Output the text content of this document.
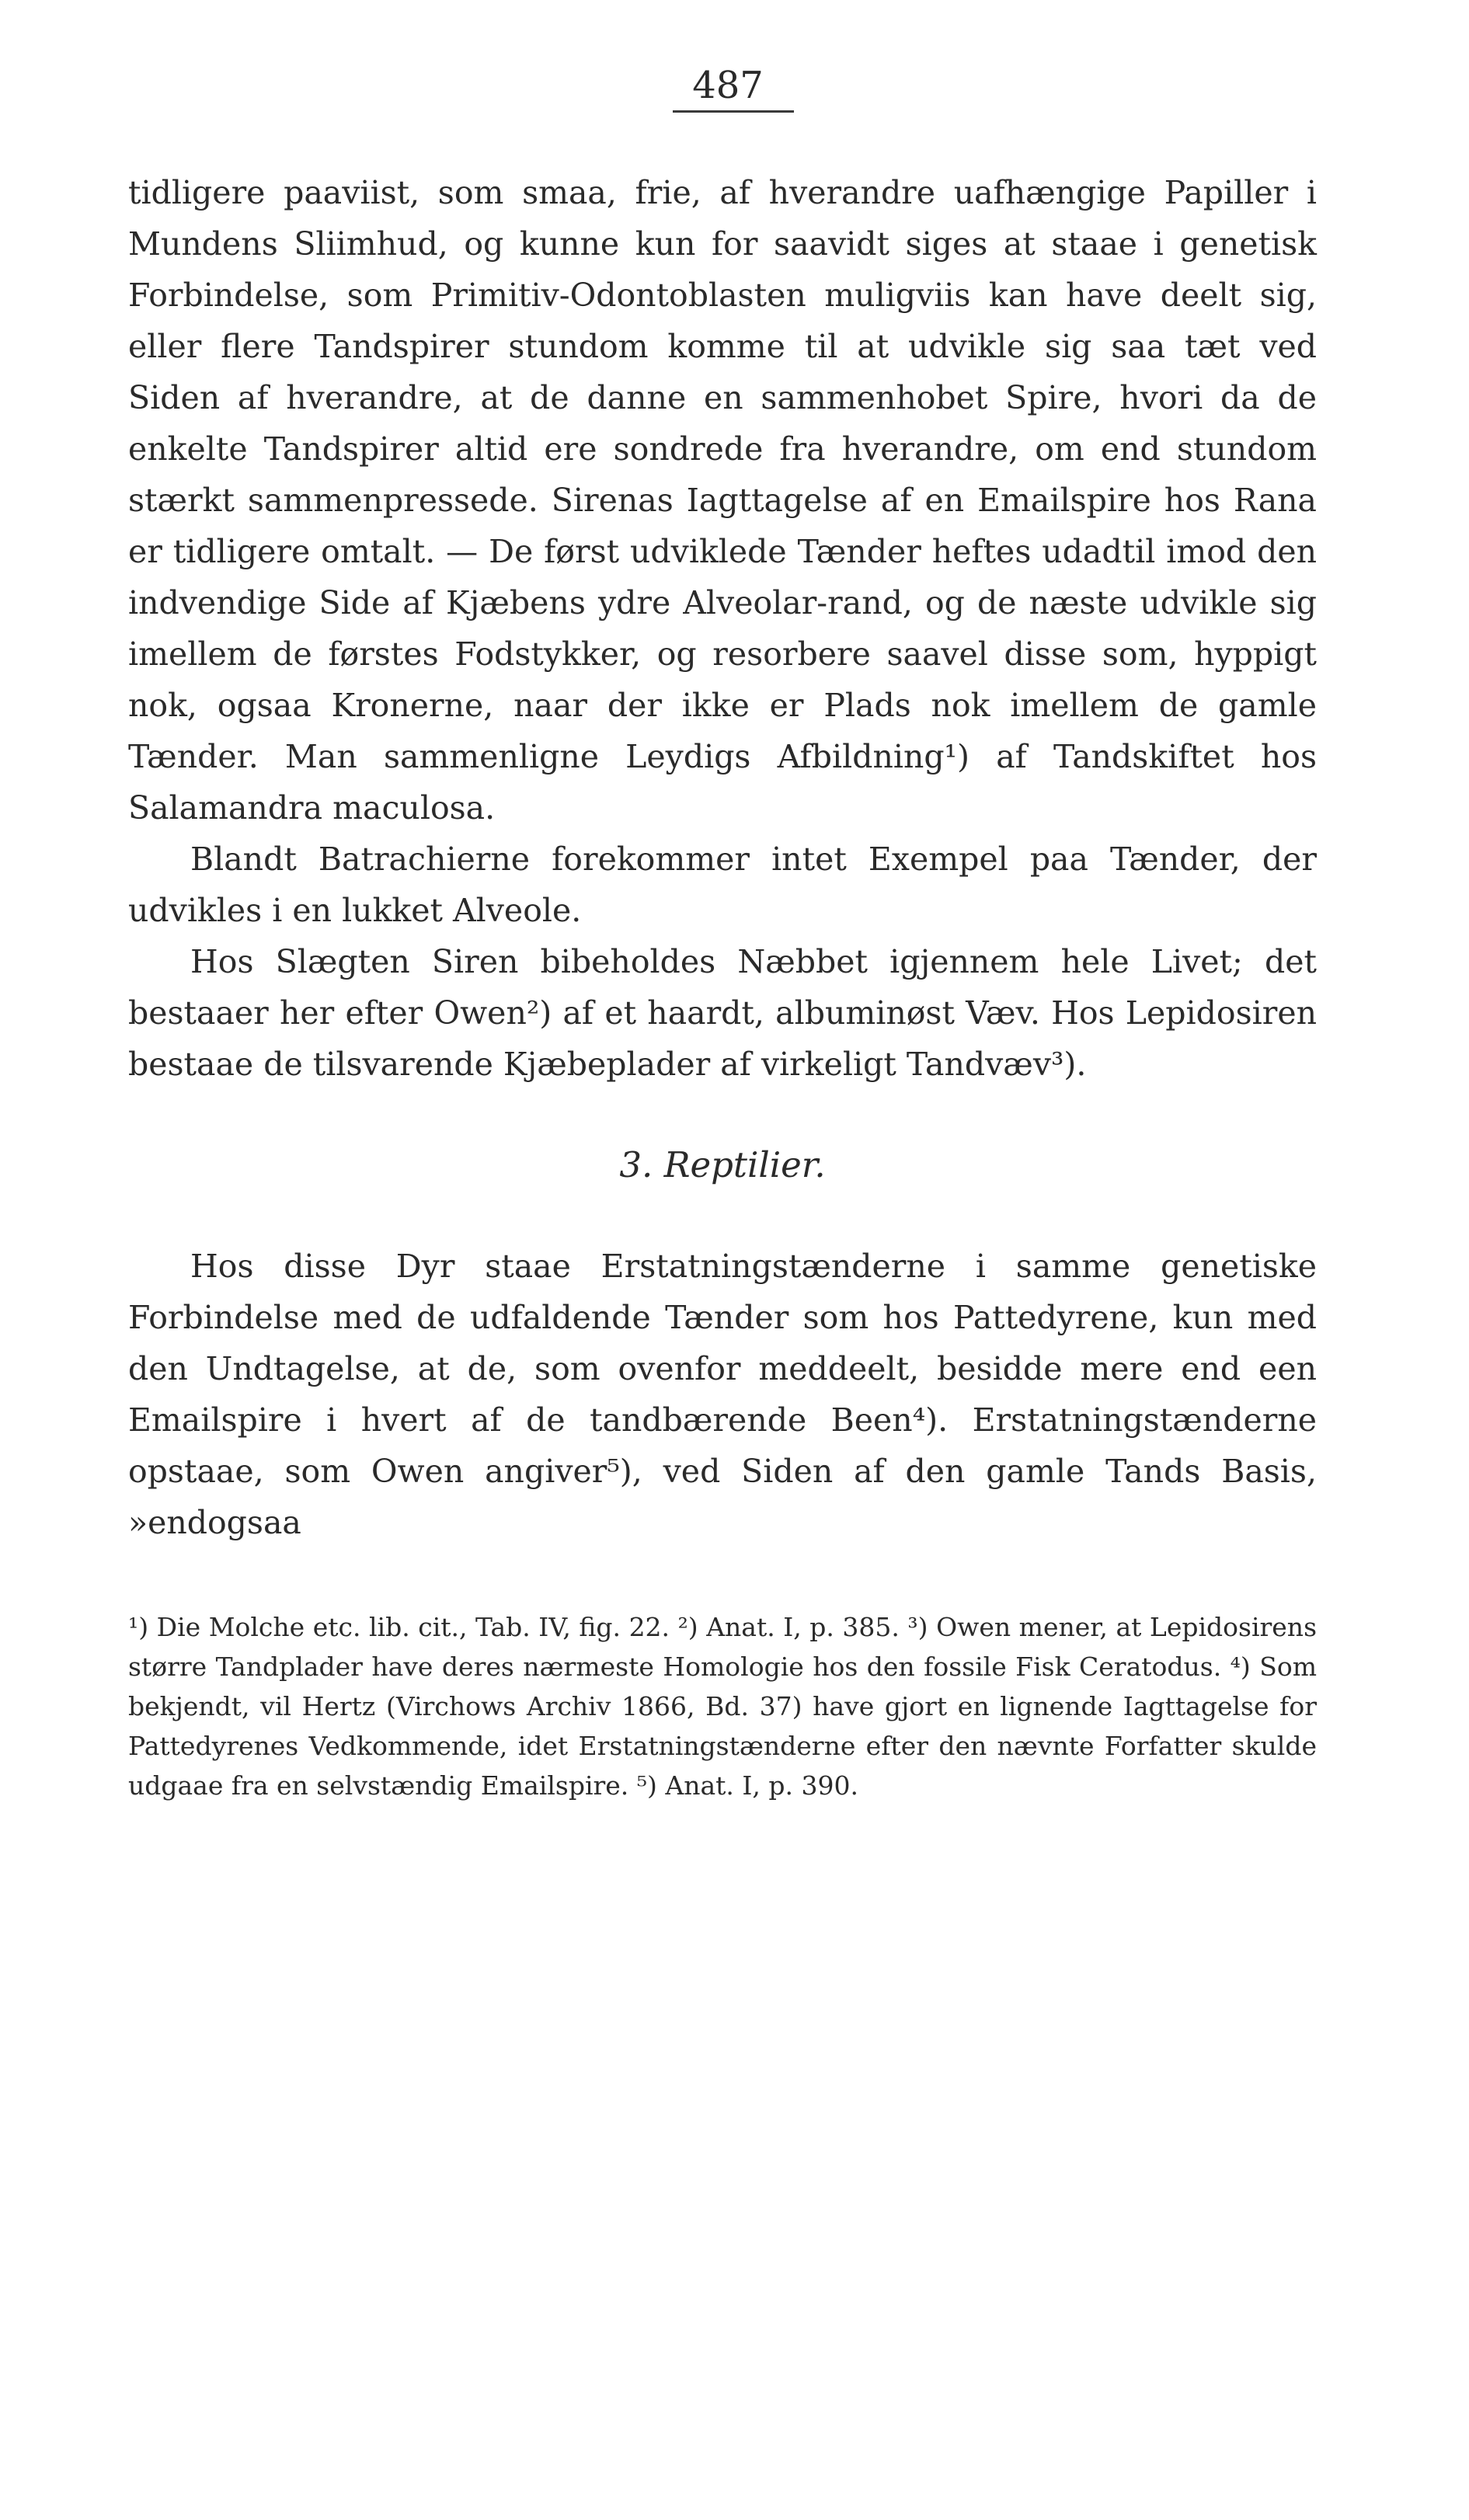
487

tidligere paaviist, som smaa, frie, af hverandre uafhængige Papiller i Mundens Sliimhud, og kunne kun for saavidt siges at staae i genetisk Forbindelse, som Primitiv-Odontoblasten muligviis kan have deelt sig, eller flere Tandspirer stundom komme til at udvikle sig saa tæt ved Siden af hverandre, at de danne en sammenhobet Spire, hvori da de enkelte Tandspirer altid ere sondrede fra hverandre, om end stundom stærkt sammenpressede. Sirenas Iagttagelse af en Emailspire hos Rana er tidligere omtalt. — De først udviklede Tænder heftes udadtil imod den indvendige Side af Kjæbens ydre Alveolar-rand, og de næste udvikle sig imellem de førstes Fodstykker, og resorbere saavel disse som, hyppigt nok, ogsaa Kronerne, naar der ikke er Plads nok imellem de gamle Tænder. Man sammenligne Leydigs Afbildning¹) af Tandskiftet hos Salamandra maculosa.

Blandt Batrachierne forekommer intet Exempel paa Tænder, der udvikles i en lukket Alveole.

Hos Slægten Siren bibeholdes Næbbet igjennem hele Livet; det bestaaer her efter Owen²) af et haardt, albuminøst Væv. Hos Lepidosiren bestaae de tilsvarende Kjæbeplader af virkeligt Tandvæv³).

3. Reptilier.

Hos disse Dyr staae Erstatningstænderne i samme genetiske Forbindelse med de udfaldende Tænder som hos Pattedyrene, kun med den Undtagelse, at de, som ovenfor meddeelt, besidde mere end een Emailspire i hvert af de tandbærende Been⁴). Erstatningstænderne opstaae, som Owen angiver⁵), ved Siden af den gamle Tands Basis, »endogsaa

¹) Die Molche etc. lib. cit., Tab. IV, fig. 22. ²) Anat. I, p. 385. ³) Owen mener, at Lepidosirens større Tandplader have deres nærmeste Homologie hos den fossile Fisk Ceratodus. ⁴) Som bekjendt, vil Hertz (Virchows Archiv 1866, Bd. 37) have gjort en lignende Iagttagelse for Pattedyrenes Vedkommende, idet Erstatningstænderne efter den nævnte Forfatter skulde udgaae fra en selvstændig Emailspire. ⁵) Anat. I, p. 390.
